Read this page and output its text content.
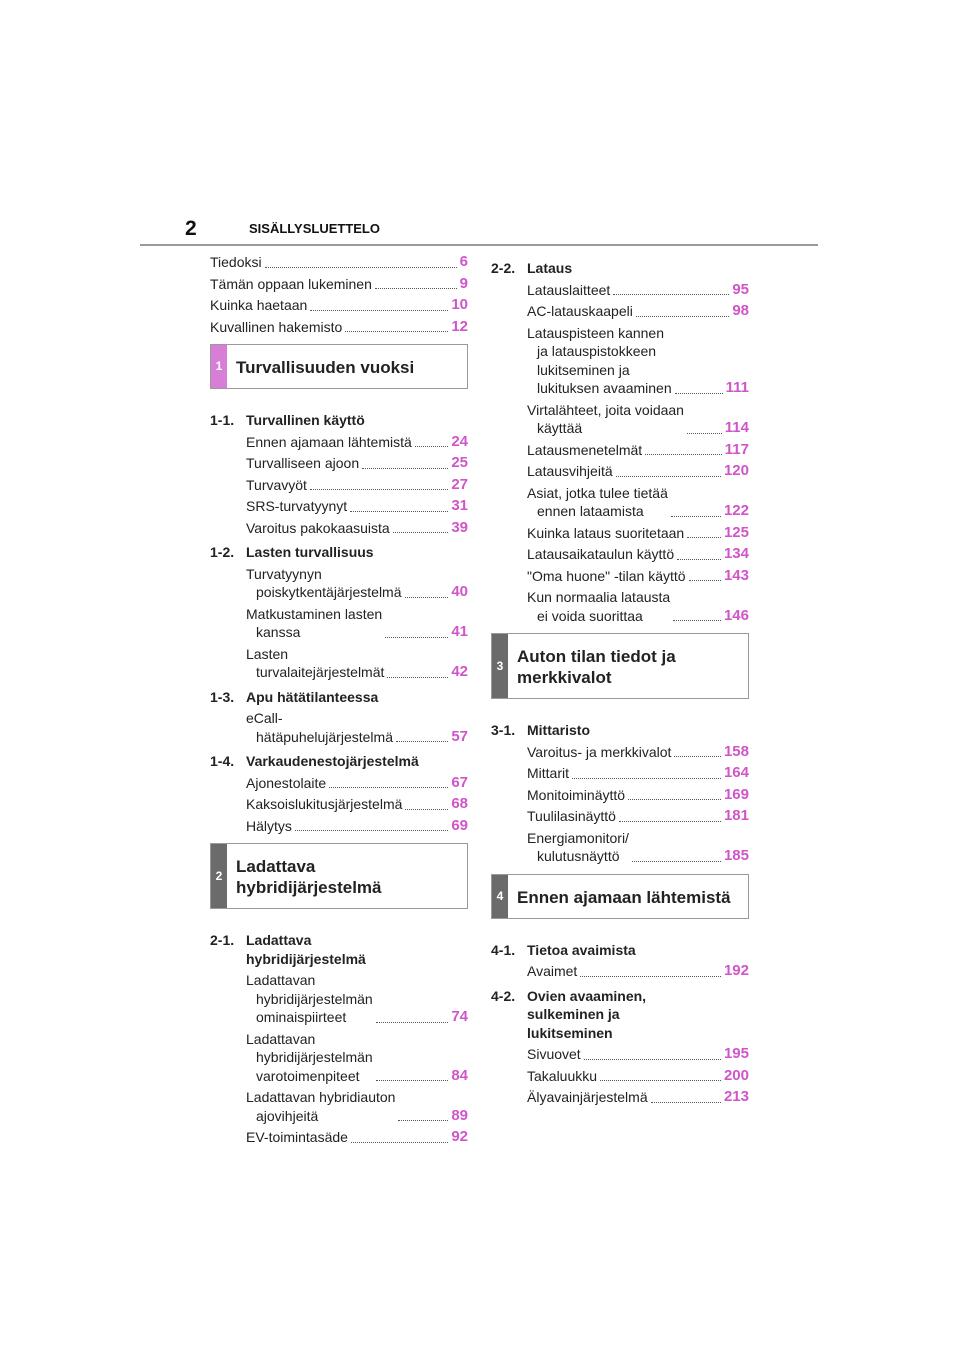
2	SISÄLLYSLUETTELO
Tiedoksi	6
Tämän oppaan lukeminen	9
Kuinka haetaan	10
Kuvallinen hakemisto	12
1 Turvallisuuden vuoksi
1-1. Turvallinen käyttö
Ennen ajamaan lähtemistä	24
Turvalliseen ajoon	25
Turvavyöt	27
SRS-turvatyynyt	31
Varoitus pakokaasuista	39
1-2. Lasten turvallisuus
Turvatyynyn
poiskytkentäjärjestelmä	40
Matkustaminen lasten
kanssa	41
Lasten
turvalaitejärjestelmät	42
1-3. Apu hätätilanteessa
eCall-
hätäpuhelujärjestelmä	57
1-4. Varkaudenestojärjestelmä
Ajonestolaite	67
Kaksoislukitusjärjestelmä	68
Hälytys	69
2 Ladattava
hybridijärjestelmä
2-1. Ladattava
hybridijärjestelmä
Ladattavan
hybridijärjestelmän
ominaispiirteet	74
Ladattavan
hybridijärjestelmän
varotoimenpiteet	84
Ladattavan hybridiauton
ajovihjeitä	89
EV-toimintasäde	92
2-2. Lataus
Latauslaitteet	95
AC-latauskaapeli	98
Latauspisteen kannen
ja latauspistokkeen
lukitseminen ja
lukituksen avaaminen	111
Virtalähteet, joita voidaan
käyttää	114
Latausmenetelmät	117
Latausvihjeitä	120
Asiat, jotka tulee tietää
ennen lataamista	122
Kuinka lataus suoritetaan	125
Latausaikataulun käyttö	134
"Oma huone" -tilan käyttö	143
Kun normaalia latausta
ei voida suorittaa	146
3 Auton tilan tiedot ja
merkkivalot
3-1. Mittaristo
Varoitus- ja merkkivalot	158
Mittarit	164
Monitoiminäyttö	169
Tuulilasinäyttö	181
Energiamonitori/
kulutusnäyttö	185
4 Ennen ajamaan lähtemistä
4-1. Tietoa avaimista
Avaimet	192
4-2. Ovien avaaminen,
sulkeminen ja
lukitseminen
Sivuovet	195
Takaluukku	200
Älyavainjärjestelmä	213
